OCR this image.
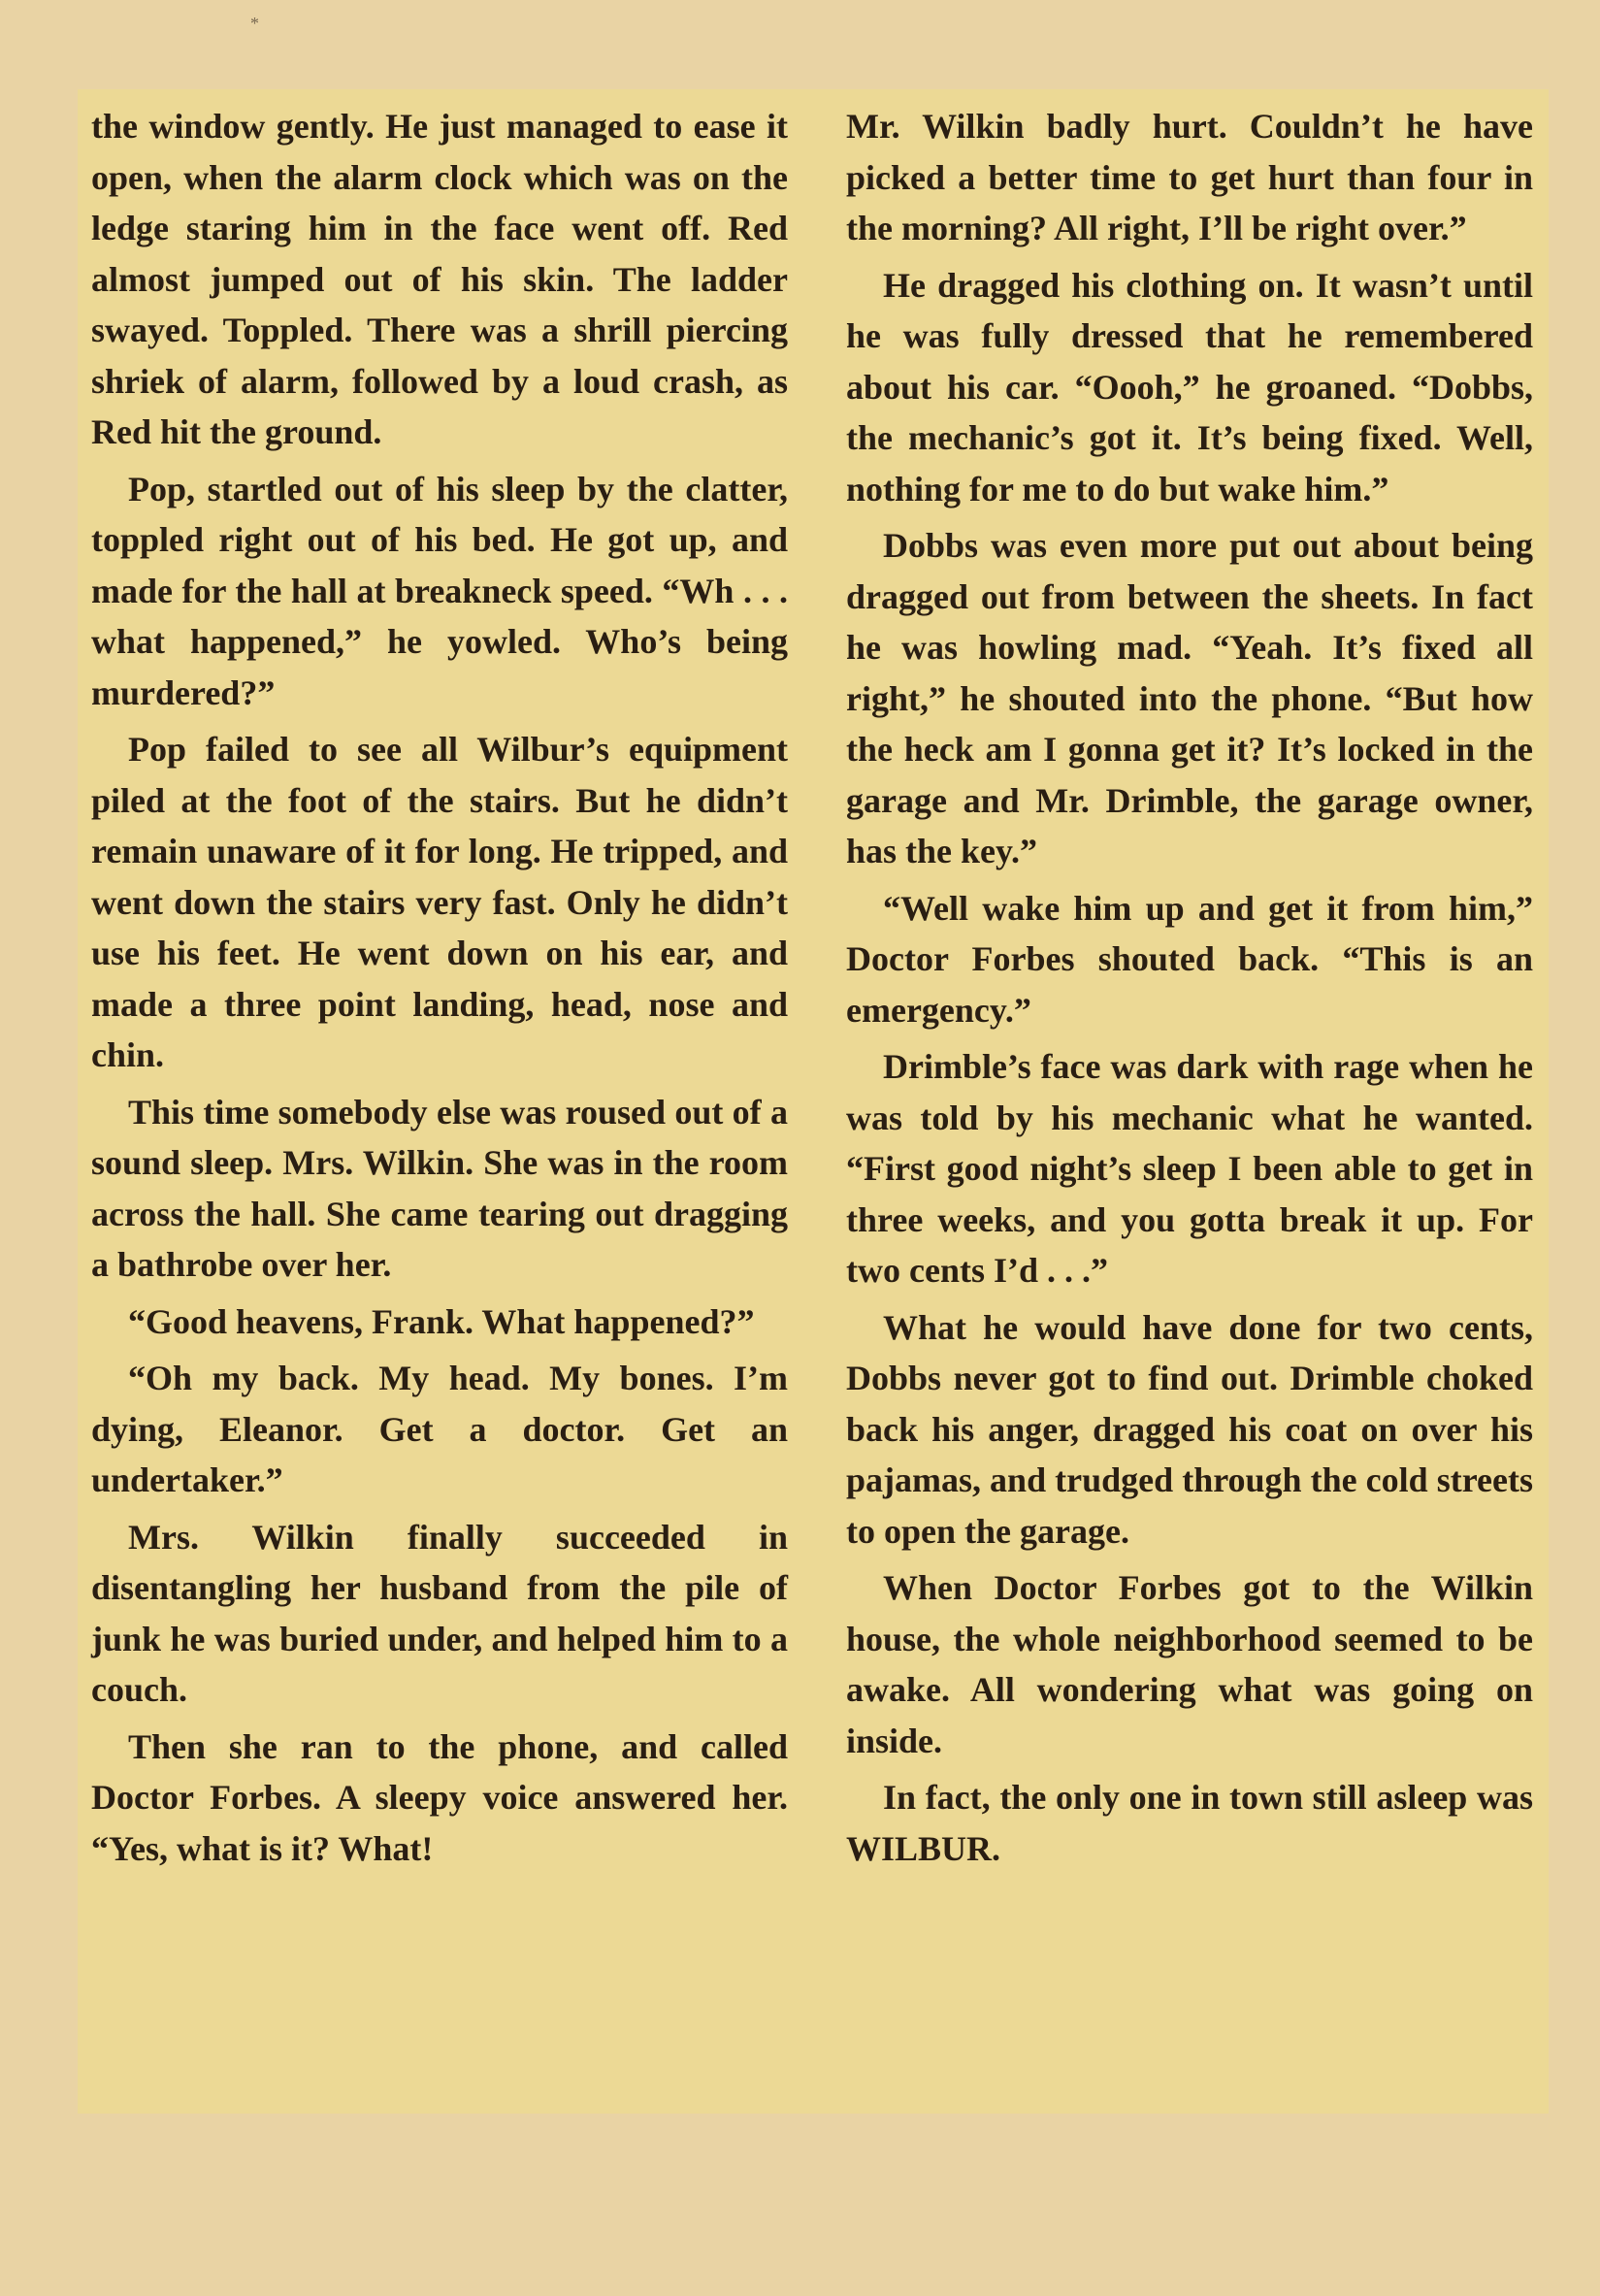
*

the window gently. He just managed to ease it open, when the alarm clock which was on the ledge staring him in the face went off. Red almost jumped out of his skin. The ladder swayed. Toppled. There was a shrill piercing shriek of alarm, followed by a loud crash, as Red hit the ground.

Pop, startled out of his sleep by the clatter, toppled right out of his bed. He got up, and made for the hall at breakneck speed. “Wh . . . what happened,” he yowled. Who’s being murdered?”

Pop failed to see all Wilbur’s equipment piled at the foot of the stairs. But he didn’t remain unaware of it for long. He tripped, and went down the stairs very fast. Only he didn’t use his feet. He went down on his ear, and made a three point landing, head, nose and chin.

This time somebody else was roused out of a sound sleep. Mrs. Wilkin. She was in the room across the hall. She came tearing out dragging a bathrobe over her.

“Good heavens, Frank. What happened?”

“Oh my back. My head. My bones. I’m dying, Eleanor. Get a doctor. Get an undertaker.”

Mrs. Wilkin finally succeeded in disentangling her husband from the pile of junk he was buried under, and helped him to a couch.

Then she ran to the phone, and called Doctor Forbes. A sleepy voice answered her. “Yes, what is it? What!

Mr. Wilkin badly hurt. Couldn’t he have picked a better time to get hurt than four in the morning? All right, I’ll be right over.”

He dragged his clothing on. It wasn’t until he was fully dressed that he remembered about his car. “Oooh,” he groaned. “Dobbs, the mechanic’s got it. It’s being fixed. Well, nothing for me to do but wake him.”

Dobbs was even more put out about being dragged out from between the sheets. In fact he was howling mad. “Yeah. It’s fixed all right,” he shouted into the phone. “But how the heck am I gonna get it? It’s locked in the garage and Mr. Drimble, the garage owner, has the key.”

“Well wake him up and get it from him,” Doctor Forbes shouted back. “This is an emergency.”

Drimble’s face was dark with rage when he was told by his mechanic what he wanted. “First good night’s sleep I been able to get in three weeks, and you gotta break it up. For two cents I’d . . .”

What he would have done for two cents, Dobbs never got to find out. Drimble choked back his anger, dragged his coat on over his pajamas, and trudged through the cold streets to open the garage.

When Doctor Forbes got to the Wilkin house, the whole neighborhood seemed to be awake. All wondering what was going on inside.

In fact, the only one in town still asleep was WILBUR.
